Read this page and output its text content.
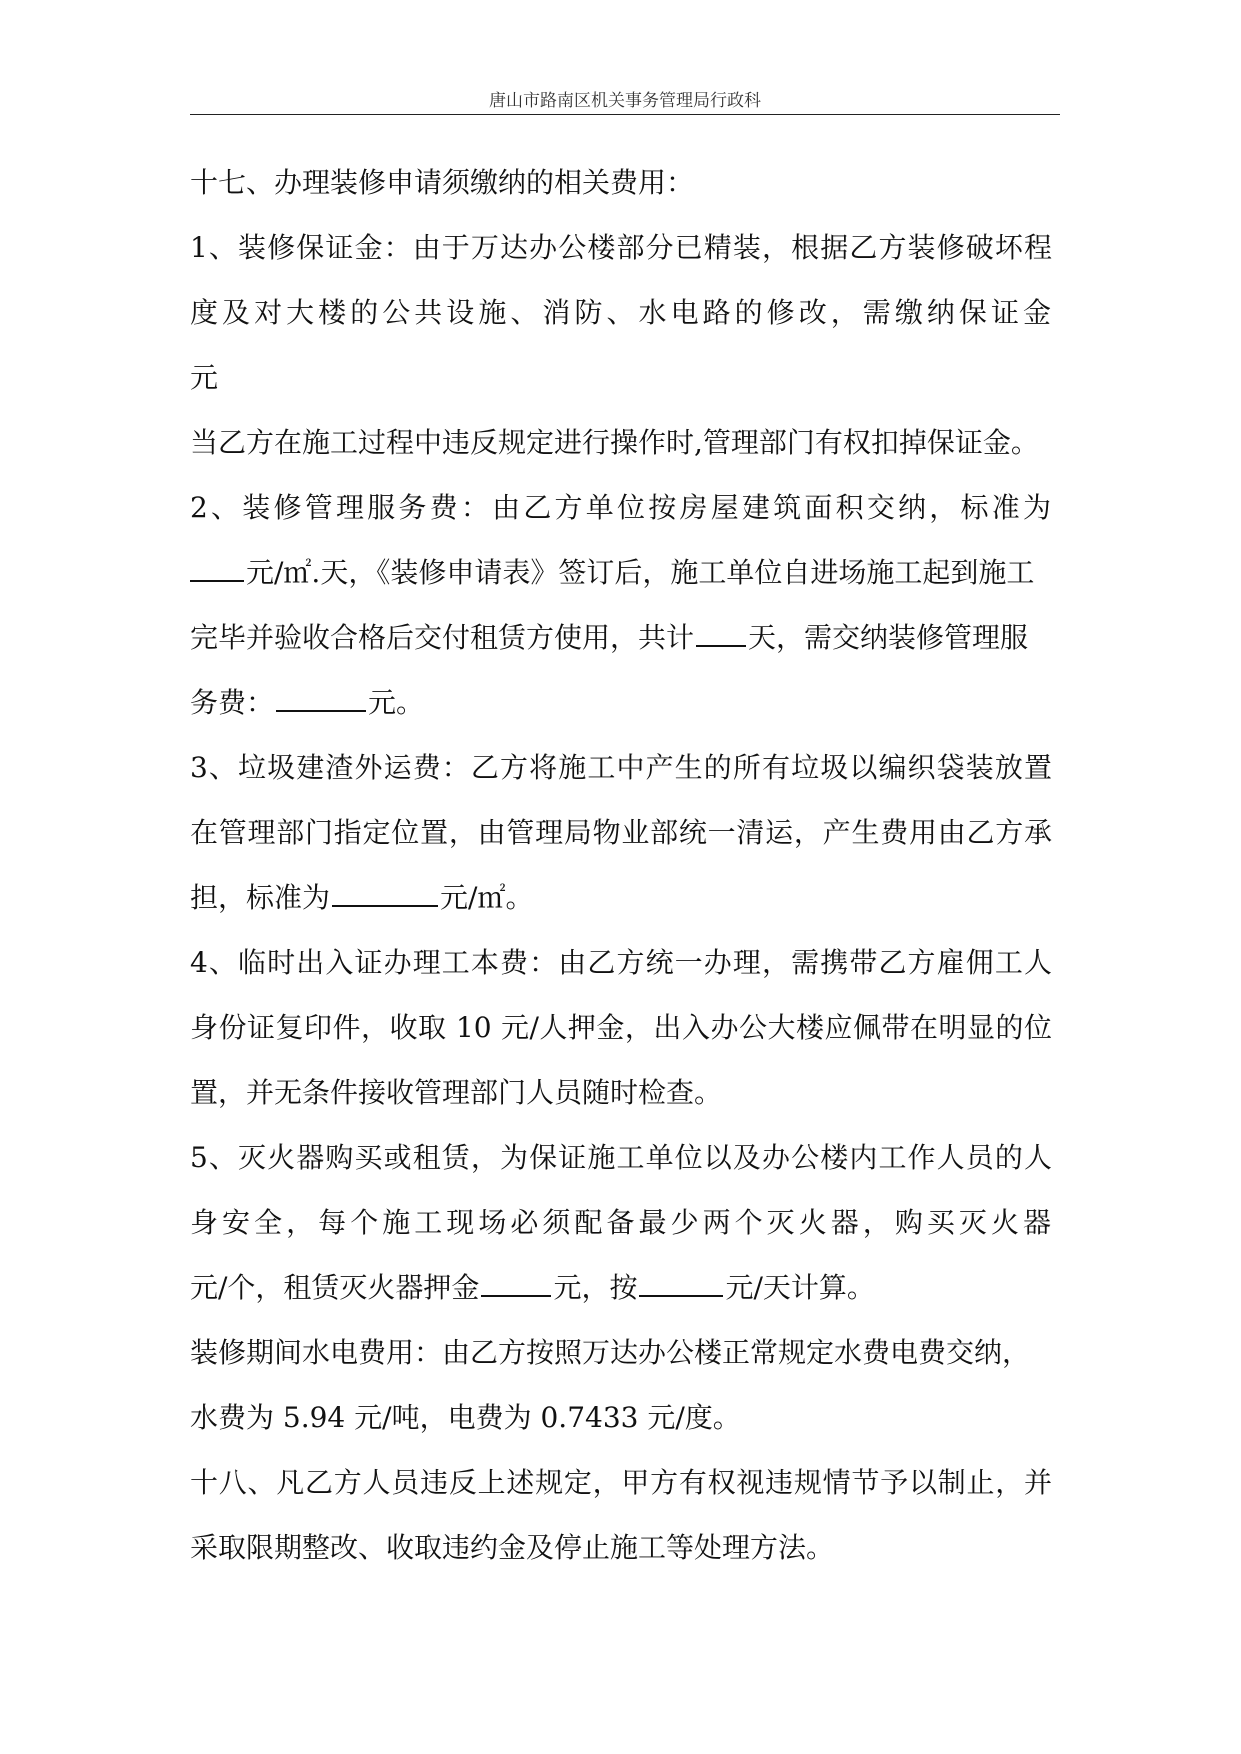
唐山市路南区机关事务管理局行政科
十七、办理装修申请须缴纳的相关费用：
1、装修保证金：由于万达办公楼部分已精装，根据乙方装修破坏程
度及对大楼的公共设施、消防、水电路的修改，需缴纳保证金
元
当乙方在施工过程中违反规定进行操作时,管理部门有权扣掉保证金。
2、装修管理服务费：由乙方单位按房屋建筑面积交纳，标准为
元/㎡.天，《装修申请表》签订后，施工单位自进场施工起到施工
完毕并验收合格后交付租赁方使用，共计 天，需交纳装修管理服
务费：	元。
3、垃圾建渣外运费：乙方将施工中产生的所有垃圾以编织袋装放置
在管理部门指定位置，由管理局物业部统一清运，产生费用由乙方承
担，标准为	元/㎡。
4、临时出入证办理工本费：由乙方统一办理，需携带乙方雇佣工人
身份证复印件，收取 10 元/人押金，出入办公大楼应佩带在明显的位
置，并无条件接收管理部门人员随时检查。
5、灭火器购买或租赁，为保证施工单位以及办公楼内工作人员的人
身安全，每个施工现场必须配备最少两个灭火器，购买灭火器
元/个，租赁灭火器押金	元，按	元/天计算。
装修期间水电费用：由乙方按照万达办公楼正常规定水费电费交纳，
水费为 5.94 元/吨，电费为 0.7433 元/度。
十八、凡乙方人员违反上述规定，甲方有权视违规情节予以制止，并
采取限期整改、收取违约金及停止施工等处理方法。
